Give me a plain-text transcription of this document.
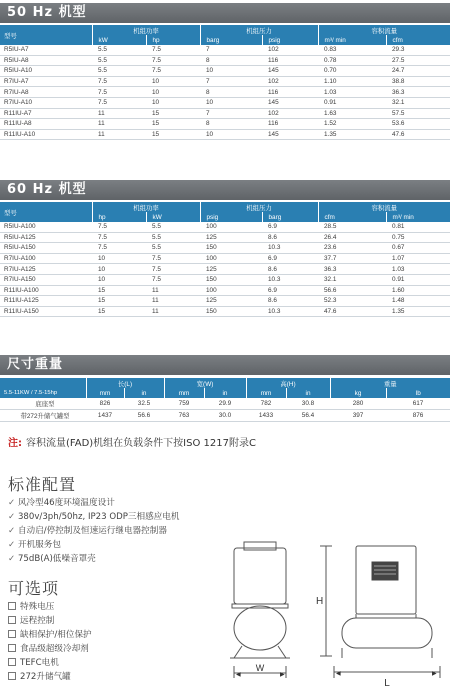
50 Hz 机型
型号	机组功率		机组压力		容积流量	
	kW	hp	barg	psig	m³/ min	cfm
R5IU-A7	5.5	7.5	7	102	0.83	29.3
R5IU-A8	5.5	7.5	8	116	0.78	27.5
R5IU-A10	5.5	7.5	10	145	0.70	24.7
R7IU-A7	7.5	10	7	102	1.10	38.8
R7IU-A8	7.5	10	8	116	1.03	36.3
R7IU-A10	7.5	10	10	145	0.91	32.1
R11IU-A7	11	15	7	102	1.63	57.5
R11IU-A8	11	15	8	116	1.52	53.6
R11IU-A10	11	15	10	145	1.35	47.6
60 Hz 机型
型号	机组功率		机组压力		容积流量	
	hp	kW	psig	barg	cfm	m³/ min
R5IU-A100	7.5	5.5	100	6.9	28.5	0.81
R5IU-A125	7.5	5.5	125	8.6	26.4	0.75
R5IU-A150	7.5	5.5	150	10.3	23.6	0.67
R7IU-A100	10	7.5	100	6.9	37.7	1.07
R7IU-A125	10	7.5	125	8.6	36.3	1.03
R7IU-A150	10	7.5	150	10.3	32.1	0.91
R11IU-A100	15	11	100	6.9	56.6	1.60
R11IU-A125	15	11	125	8.6	52.3	1.48
R11IU-A150	15	11	150	10.3	47.6	1.35
尺寸重量
	长(L)		宽(W)		高(H)		重量	
5.5-11KW / 7.5-15hp	mm	in	mm	in	mm	in	kg	lb
底座型	826	32.5	759	29.9	782	30.8	280	617
带272升储气罐型	1437	56.6	763	30.0	1433	56.4	397	876
注: 容积流量(FAD)机组在负载条件下按ISO 1217附录C
标准配置
✓ 风冷型46度环境温度设计
✓ 380v/3ph/50hz, IP23 ODP三相感应电机
✓ 自动启/停控制及恒速运行继电器控制器
✓ 开机服务包
✓ 75dB(A)低噪音罩壳
可选项
特殊电压
远程控制
缺相保护/相位保护
食品级超级冷却剂
TEFC电机
272升储气罐
W
◀	▶
H
L
◀	▶
